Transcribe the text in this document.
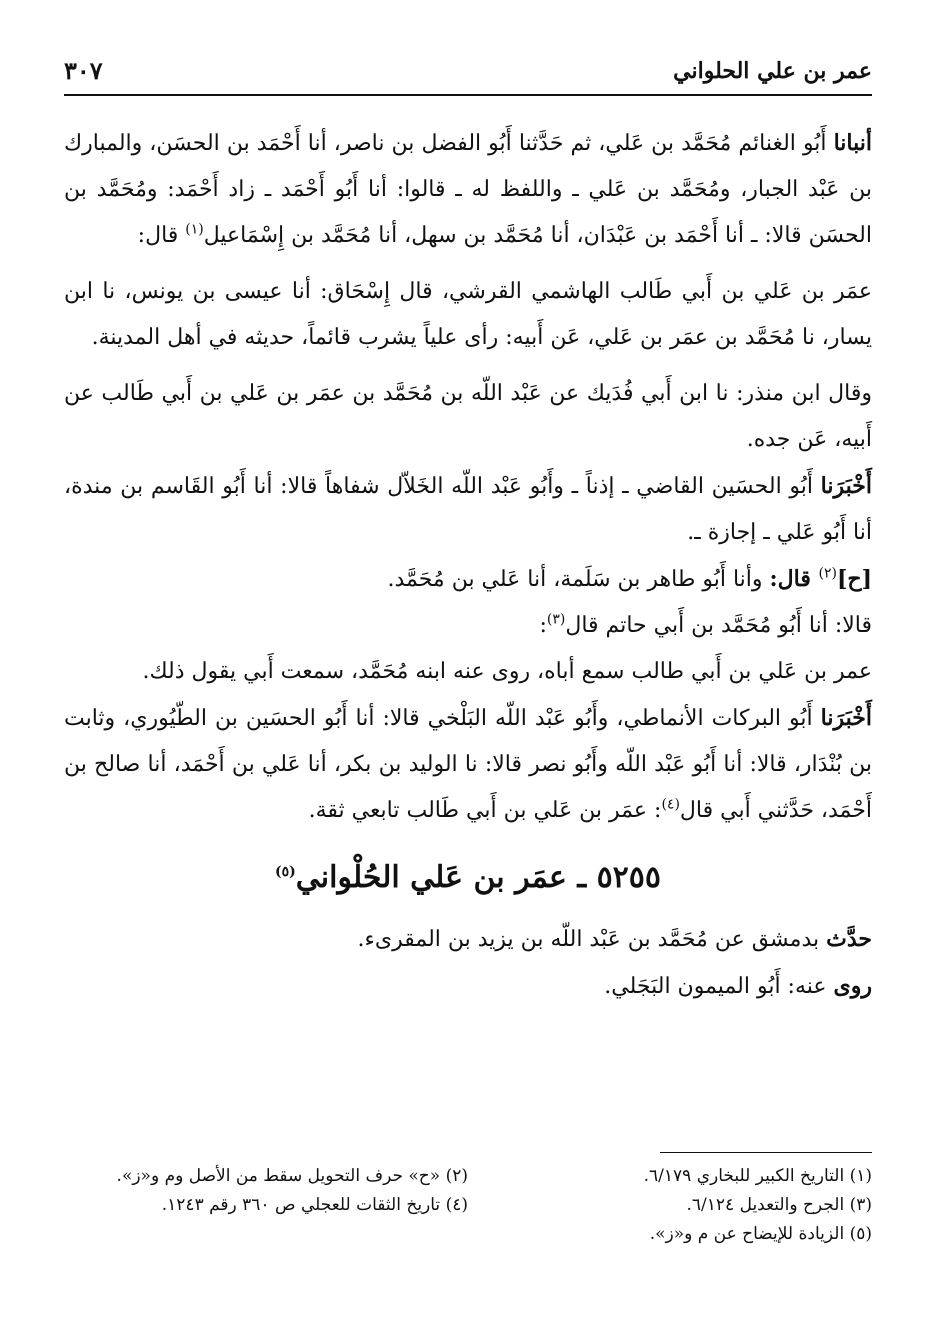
عمر بن علي الحلواني
٣٠٧

أنبانا أَبُو الغنائم مُحَمَّد بن عَلي، ثم حَدَّثنا أَبُو الفضل بن ناصر، أنا أَحْمَد بن الحسَن، والمبارك بن عَبْد الجبار، ومُحَمَّد بن عَلي ـ واللفظ له ـ قالوا: أنا أَبُو أَحْمَد ـ زاد أَحْمَد: ومُحَمَّد بن الحسَن قالا: ـ أنا أَحْمَد بن عَبْدَان، أنا مُحَمَّد بن سهل، أنا مُحَمَّد بن إِسْمَاعيل$^{(١)}$ قال:

عمَر بن عَلي بن أَبي طَالب الهاشمي القرشي، قال إِسْحَاق: أنا عيسى بن يونس، نا ابن يسار، نا مُحَمَّد بن عمَر بن عَلي، عَن أَبيه: رأى علياً يشرب قائماً، حديثه في أهل المدينة.

وقال ابن منذر: نا ابن أَبي فُدَيك عن عَبْد اللّه بن مُحَمَّد بن عمَر بن عَلي بن أَبي طَالب عن أَبيه، عَن جده.

أَخْبَرَنا أَبُو الحسَين القاضي ـ إذناً ـ وأَبُو عَبْد اللّه الخَلاّل شفاهاً قالا: أنا أَبُو القَاسم بن مندة، أنا أَبُو عَلي ـ إجازة ـ.

[ح]$^{(٢)}$ قال: وأنا أَبُو طاهر بن سَلَمة، أنا عَلي بن مُحَمَّد.

قالا: أنا أَبُو مُحَمَّد بن أَبي حاتم قال$^{(٣)}$:

عمر بن عَلي بن أَبي طالب سمع أباه، روى عنه ابنه مُحَمَّد، سمعت أَبي يقول ذلك.

أَخْبَرَنا أَبُو البركات الأنماطي، وأَبُو عَبْد اللّه البَلْخي قالا: أنا أَبُو الحسَين بن الطّيُوري، وثابت بن بُنْدَار، قالا: أنا أَبُو عَبْد اللّه وأَبُو نصر قالا: نا الوليد بن بكر، أنا عَلي بن أَحْمَد، أنا صالح بن أَحْمَد، حَدَّثني أَبي قال$^{(٤)}$: عمَر بن عَلي بن أَبي طَالب تابعي ثقة.

٥٢٥٥ ـ عمَر بن عَلي الحُلْواني$^{(٥)}$

حدَّث بدمشق عن مُحَمَّد بن عَبْد اللّه بن يزيد بن المقرىء.

روى عنه: أَبُو الميمون البَجَلي.

(١) التاريخ الكبير للبخاري ٦/١٧٩.
(٢) «ح» حرف التحويل سقط من الأصل وم و«ز».
(٣) الجرح والتعديل ٦/١٢٤.
(٤) تاريخ الثقات للعجلي ص ٣٦٠ رقم ١٢٤٣.
(٥) الزيادة للإيضاح عن م و«ز».
